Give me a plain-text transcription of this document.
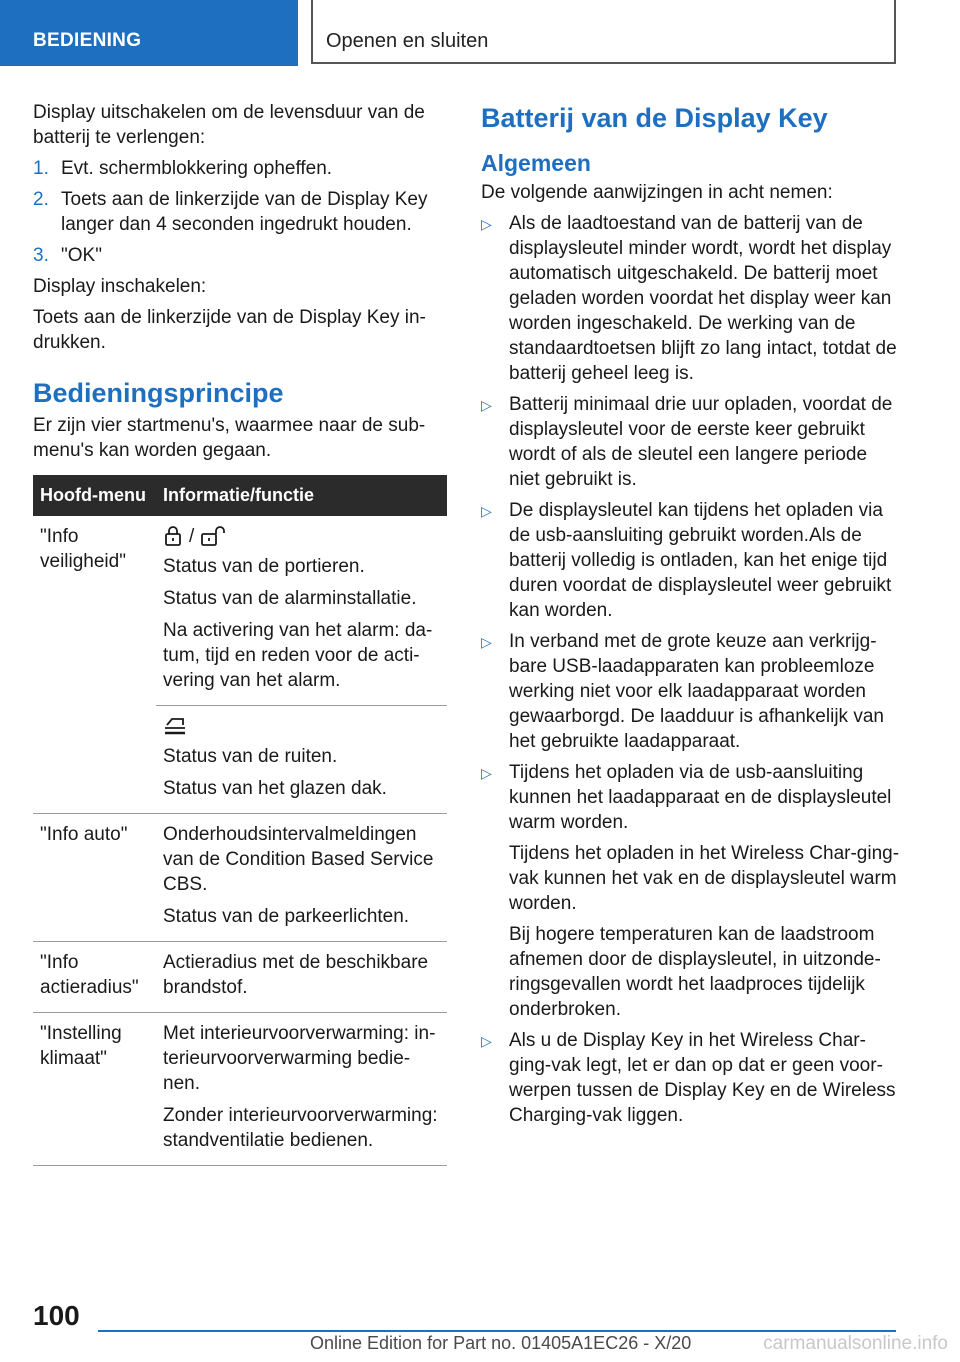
BEDIENING	Openen en sluiten

Display uitschakelen om de levensduur van de batterij te verlengen:

1. Evt. schermblokkering opheffen.
2. Toets aan de linkerzijde van de Display Key langer dan 4 seconden ingedrukt houden.
3. "OK"

Display inschakelen:

Toets aan de linkerzijde van de Display Key in-drukken.

Bedieningsprincipe

Er zijn vier startmenu's, waarmee naar de sub-menu's kan worden gegaan.

Hoofd-menu	Informatie/functie
"Info veiligheid"	/

Status van de portieren.

Status van de alarminstallatie.

Na activering van het alarm: da-tum, tijd en reden voor de acti-vering van het alarm.

	Status van de ruiten.

Status van het glazen dak.

"Info auto"	Onderhoudsintervalmeldingen van de Condition Based Service CBS.

Status van de parkeerlichten.

"Info actieradius"	Actieradius met de beschikbare brandstof.

"Instelling klimaat"	Met interieurvoorverwarming: in-terieurvoorverwarming bedie-nen.

Zonder interieurvoorverwarming: standventilatie bedienen.

Batterij van de Display Key
Algemeen

De volgende aanwijzingen in acht nemen:

▷ Als de laadtoestand van de batterij van de displaysleutel minder wordt, wordt het display automatisch uitgeschakeld. De batterij moet geladen worden voordat het display weer kan worden ingeschakeld. De werking van de standaardtoetsen blijft zo lang intact, totdat de batterij geheel leeg is.

▷ Batterij minimaal drie uur opladen, voordat de displaysleutel voor de eerste keer gebruikt wordt of als de sleutel een langere periode niet gebruikt is.

▷ De displaysleutel kan tijdens het opladen via de usb-aansluiting gebruikt worden.Als de batterij volledig is ontladen, kan het enige tijd duren voordat de displaysleutel weer gebruikt kan worden.

▷ In verband met de grote keuze aan verkrijg-bare USB-laadapparaten kan probleemloze werking niet voor elk laadapparaat worden gewaarborgd. De laadduur is afhankelijk van het gebruikte laadapparaat.

▷ Tijdens het opladen via de usb-aansluiting kunnen het laadapparaat en de displaysleutel warm worden.

Tijdens het opladen in het Wireless Char-ging-vak kunnen het vak en de displaysleutel warm worden.

Bij hogere temperaturen kan de laadstroom afnemen door de displaysleutel, in uitzonde-ringsgevallen wordt het laadproces tijdelijk onderbroken.

▷ Als u de Display Key in het Wireless Char-ging-vak legt, let er dan op dat er geen voor-werpen tussen de Display Key en de Wireless Charging-vak liggen.

100
Online Edition for Part no. 01405A1EC26 - X/20	carmanualsonline.info
